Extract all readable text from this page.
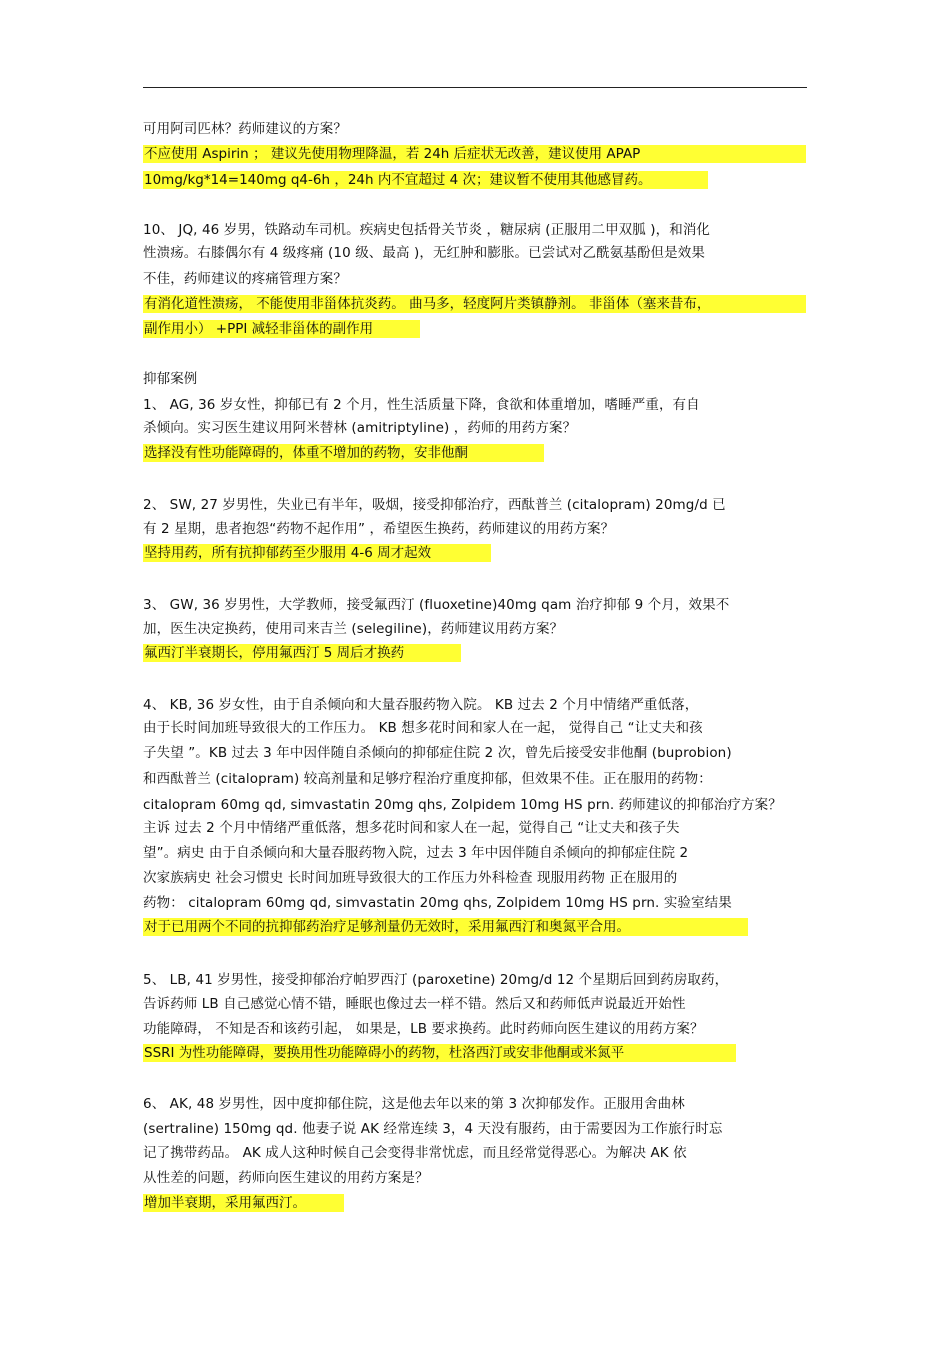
可用阿司匹林？药师建议的方案？
不应使用 Aspirin ； 建议先使用物理降温，若 24h 后症状无改善，建议使用 APAP
10mg/kg*14=140mg q4-6h ，24h 内不宜超过 4 次；建议暂不使用其他感冒药。
10、 JQ, 46 岁男，铁路动车司机。疾病史包括骨关节炎 ，糖尿病 (正服用二甲双胍 )，和消化
性溃疡。右膝偶尔有 4 级疼痛 (10 级、最高 )，无红肿和膨胀。已尝试对乙酰氨基酚但是效果
不佳，药师建议的疼痛管理方案？
有消化道性溃疡， 不能使用非甾体抗炎药。 曲马多，轻度阿片类镇静剂。 非甾体（塞来昔布，
副作用小） +PPI 减轻非甾体的副作用
抑郁案例
1、 AG, 36 岁女性，抑郁已有 2 个月，性生活质量下降，食欲和体重增加，嗜睡严重，有自
杀倾向。实习医生建议用阿米替林 (amitriptyline) ，药师的用药方案？
选择没有性功能障碍的，体重不增加的药物，安非他酮
2、 SW, 27 岁男性，失业已有半年，吸烟，接受抑郁治疗，西酞普兰 (citalopram) 20mg/d 已
有 2 星期，患者抱怨“药物不起作用” ，希望医生换药，药师建议的用药方案？
坚持用药，所有抗抑郁药至少服用 4-6 周才起效
3、 GW, 36 岁男性，大学教师，接受氟西汀 (fluoxetine)40mg qam 治疗抑郁 9 个月，效果不
加，医生决定换药，使用司来吉兰 (selegiline)，药师建议用药方案？
氟西汀半衰期长，停用氟西汀 5 周后才换药
4、 KB, 36 岁女性，由于自杀倾向和大量吞服药物入院。 KB 过去 2 个月中情绪严重低落，
由于长时间加班导致很大的工作压力。 KB 想多花时间和家人在一起， 觉得自己 “让丈夫和孩
子失望 ”。KB 过去 3 年中因伴随自杀倾向的抑郁症住院 2 次，曾先后接受安非他酮 (buprobion)
和西酞普兰 (citalopram) 较高剂量和足够疗程治疗重度抑郁，但效果不佳。正在服用的药物：
citalopram 60mg qd, simvastatin 20mg qhs, Zolpidem 10mg HS prn. 药师建议的抑郁治疗方案？
主诉 过去 2 个月中情绪严重低落，想多花时间和家人在一起，觉得自己 “让丈夫和孩子失
望”。病史 由于自杀倾向和大量吞服药物入院，过去 3 年中因伴随自杀倾向的抑郁症住院 2
次家族病史 社会习惯史 长时间加班导致很大的工作压力外科检查 现服用药物 正在服用的
药物： citalopram 60mg qd, simvastatin 20mg qhs, Zolpidem 10mg HS prn. 实验室结果
对于已用两个不同的抗抑郁药治疗足够剂量仍无效时，采用氟西汀和奥氮平合用。
5、 LB, 41 岁男性，接受抑郁治疗帕罗西汀 (paroxetine) 20mg/d 12 个星期后回到药房取药，
告诉药师 LB 自己感觉心情不错，睡眠也像过去一样不错。然后又和药师低声说最近开始性
功能障碍， 不知是否和该药引起， 如果是，LB 要求换药。此时药师向医生建议的用药方案？
SSRI 为性功能障碍，要换用性功能障碍小的药物，杜洛西汀或安非他酮或米氮平
6、 AK, 48 岁男性，因中度抑郁住院，这是他去年以来的第 3 次抑郁发作。正服用舍曲林
(sertraline) 150mg qd. 他妻子说 AK 经常连续 3，4 天没有服药，由于需要因为工作旅行时忘
记了携带药品。 AK 成人这种时候自己会变得非常忧虑，而且经常觉得恶心。为解决 AK 依
从性差的问题，药师向医生建议的用药方案是？
增加半衰期，采用氟西汀。
